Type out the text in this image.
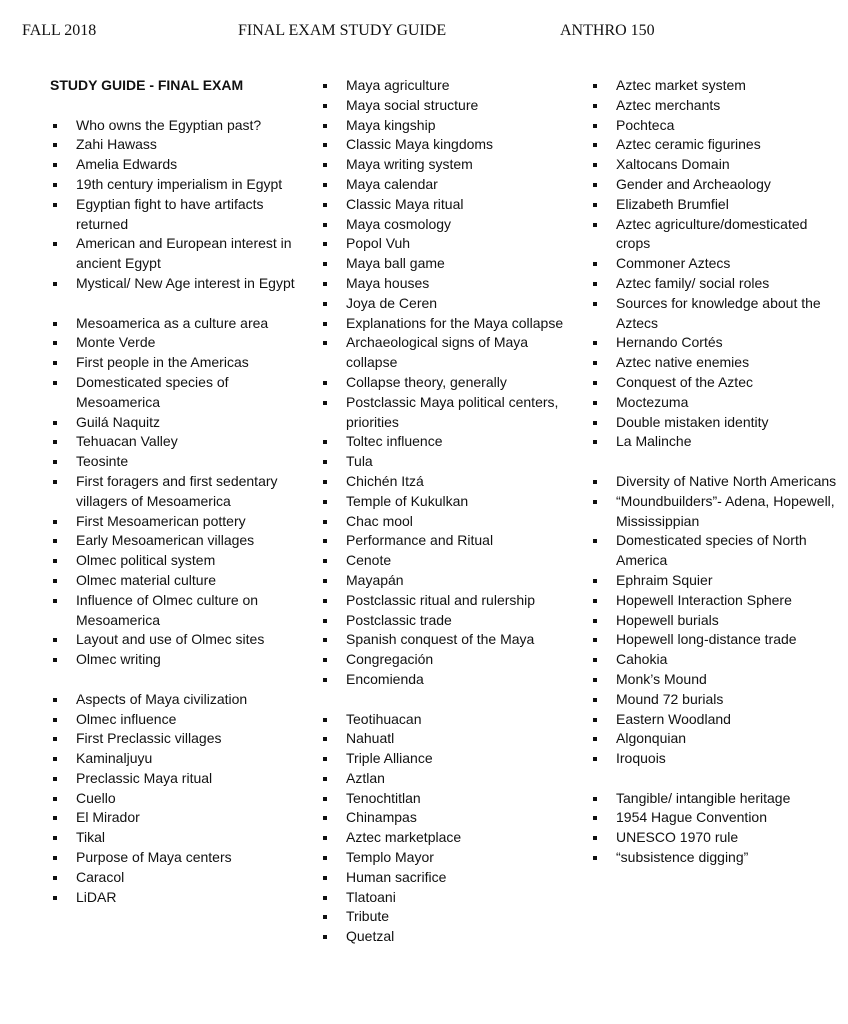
FALL 2018	FINAL EXAM STUDY GUIDE	ANTHRO 150
STUDY GUIDE - FINAL EXAM
Who owns the Egyptian past?
Zahi Hawass
Amelia Edwards
19th century imperialism in Egypt
Egyptian fight to have artifacts returned
American and European interest in ancient Egypt
Mystical/ New Age interest in Egypt
Mesoamerica as a culture area
Monte Verde
First people in the Americas
Domesticated species of Mesoamerica
Guilá Naquitz
Tehuacan Valley
Teosinte
First foragers and first sedentary villagers of Mesoamerica
First Mesoamerican pottery
Early Mesoamerican villages
Olmec political system
Olmec material culture
Influence of Olmec culture on Mesoamerica
Layout and use of Olmec sites
Olmec writing
Aspects of Maya civilization
Olmec influence
First Preclassic villages
Kaminaljuyu
Preclassic Maya ritual
Cuello
El Mirador
Tikal
Purpose of Maya centers
Caracol
LiDAR
Maya agriculture
Maya social structure
Maya kingship
Classic Maya kingdoms
Maya writing system
Maya calendar
Classic Maya ritual
Maya cosmology
Popol Vuh
Maya ball game
Maya houses
Joya de Ceren
Explanations for the Maya collapse
Archaeological signs of Maya collapse
Collapse theory, generally
Postclassic Maya political centers, priorities
Toltec influence
Tula
Chichén Itzá
Temple of Kukulkan
Chac mool
Performance and Ritual
Cenote
Mayapán
Postclassic ritual and rulership
Postclassic trade
Spanish conquest of the Maya
Congregación
Encomienda
Teotihuacan
Nahuatl
Triple Alliance
Aztlan
Tenochtitlan
Chinampas
Aztec marketplace
Templo Mayor
Human sacrifice
Tlatoani
Tribute
Quetzal
Aztec market system
Aztec merchants
Pochteca
Aztec ceramic figurines
Xaltocans Domain
Gender and Archeaology
Elizabeth Brumfiel
Aztec agriculture/domesticated crops
Commoner Aztecs
Aztec family/ social roles
Sources for knowledge about the Aztecs
Hernando Cortés
Aztec native enemies
Conquest of the Aztec
Moctezuma
Double mistaken identity
La Malinche
Diversity of Native North Americans
“Moundbuilders”- Adena, Hopewell, Mississippian
Domesticated species of North America
Ephraim Squier
Hopewell Interaction Sphere
Hopewell burials
Hopewell long-distance trade
Cahokia
Monk’s Mound
Mound 72 burials
Eastern Woodland
Algonquian
Iroquois
Tangible/ intangible heritage
1954 Hague Convention
UNESCO 1970 rule
“subsistence digging”
